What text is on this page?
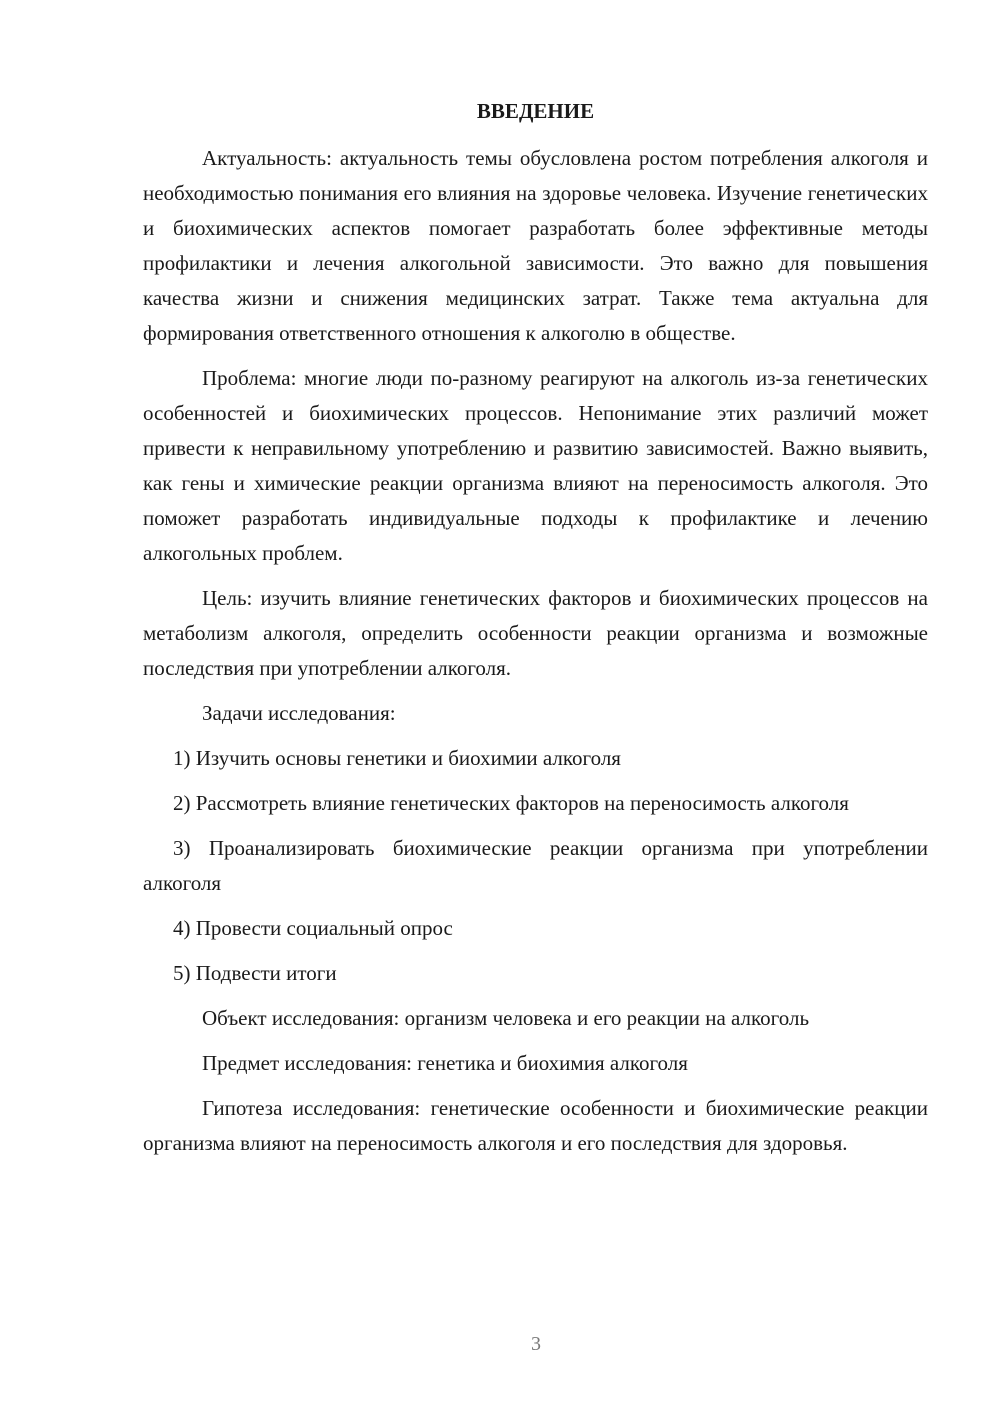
ВВЕДЕНИЕ

Актуальность: актуальность темы обусловлена ростом потребления алкоголя и необходимостью понимания его влияния на здоровье человека. Изучение генетических и биохимических аспектов помогает разработать более эффективные методы профилактики и лечения алкогольной зависимости. Это важно для повышения качества жизни и снижения медицинских затрат. Также тема актуальна для формирования ответственного отношения к алкоголю в обществе.

Проблема: многие люди по-разному реагируют на алкоголь из-за генетических особенностей и биохимических процессов. Непонимание этих различий может привести к неправильному употреблению и развитию зависимостей. Важно выявить, как гены и химические реакции организма влияют на переносимость алкоголя. Это поможет разработать индивидуальные подходы к профилактике и лечению алкогольных проблем.

Цель: изучить влияние генетических факторов и биохимических процессов на метаболизм алкоголя, определить особенности реакции организма и возможные последствия при употреблении алкоголя.

Задачи исследования:

1) Изучить основы генетики и биохимии алкоголя

2) Рассмотреть влияние генетических факторов на переносимость алкоголя

3) Проанализировать биохимические реакции организма при употреблении алкоголя

4) Провести социальный опрос

5) Подвести итоги

Объект исследования: организм человека и его реакции на алкоголь

Предмет исследования: генетика и биохимия алкоголя

Гипотеза исследования: генетические особенности и биохимические реакции организма влияют на переносимость алкоголя и его последствия для здоровья.

3
